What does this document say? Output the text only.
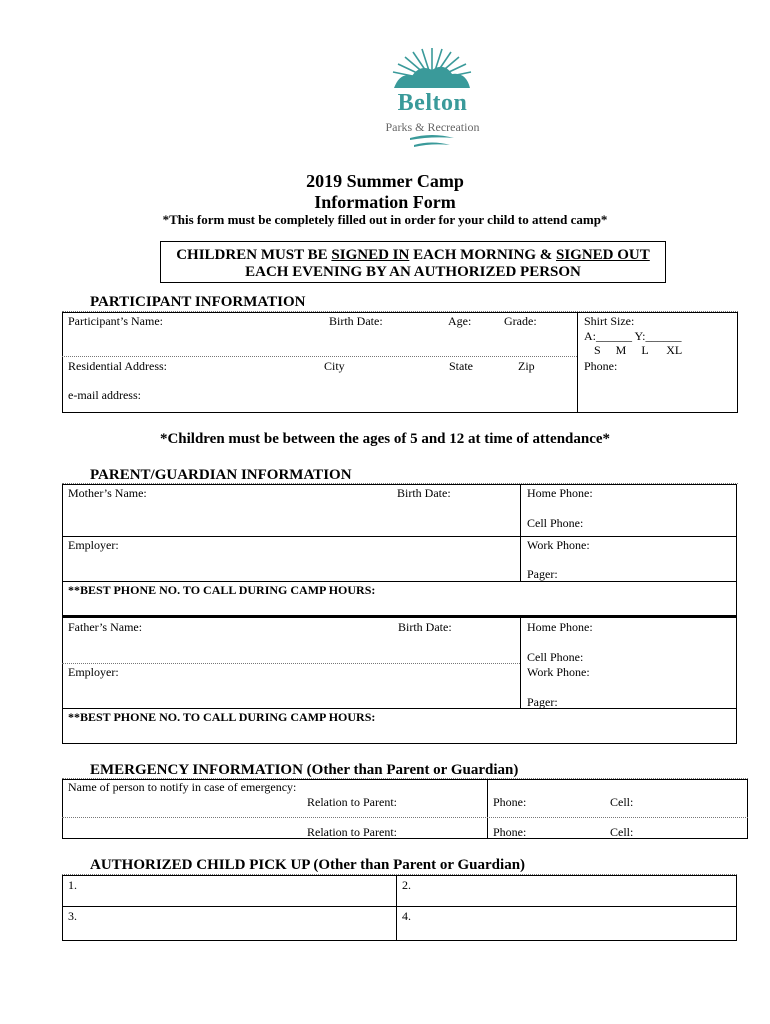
Belton
Parks & Recreation
2019 Summer Camp
Information Form
*This form must be completely filled out in order for your child to attend camp*
CHILDREN MUST BE SIGNED IN EACH MORNING & SIGNED OUT
EACH EVENING BY AN AUTHORIZED PERSON
PARTICIPANT INFORMATION
Participant’s Name:	Birth Date:	Age:	Grade:	Shirt Size:
A:______ Y:______
S     M     L      XL
Residential Address:	City	State	Zip	Phone:
e-mail address:
*Children must be between the ages of 5 and 12 at time of attendance*
PARENT/GUARDIAN INFORMATION
Mother’s Name:	Birth Date:	Home Phone:
Cell Phone:
Employer:	Work Phone:
Pager:
**BEST PHONE NO. TO CALL DURING CAMP HOURS:
Father’s Name:	Birth Date:	Home Phone:
Cell Phone:
Employer:	Work Phone:
Pager:
**BEST PHONE NO. TO CALL DURING CAMP HOURS:
EMERGENCY INFORMATION (Other than Parent or Guardian)
Name of person to notify in case of emergency:
Relation to Parent:	Phone:	Cell:
Relation to Parent:	Phone:	Cell:
AUTHORIZED CHILD PICK UP (Other than Parent or Guardian)
1.	2.
3.	4.
